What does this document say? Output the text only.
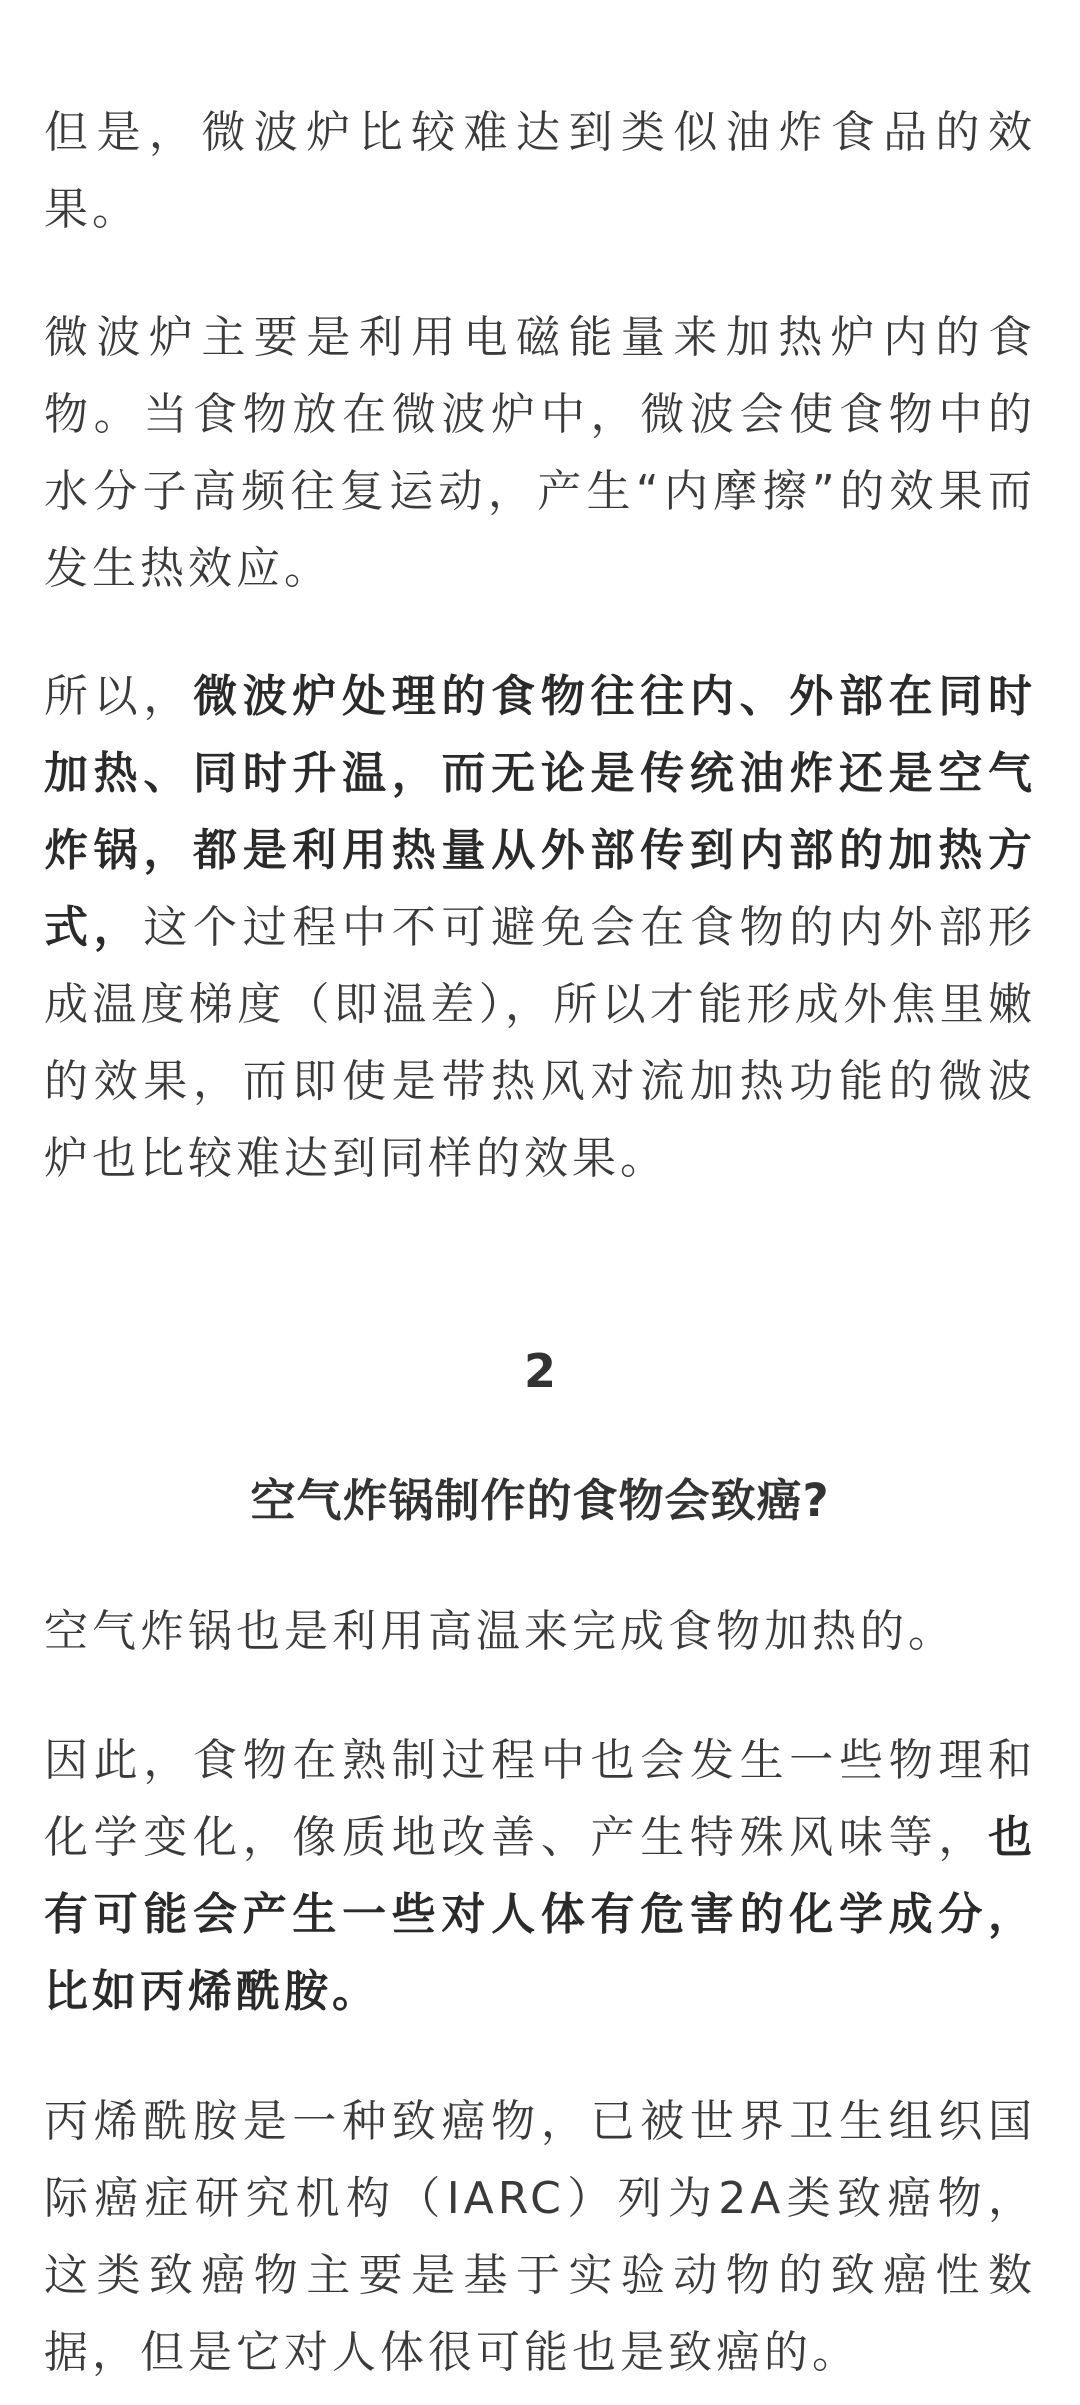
但是，微波炉比较难达到类似油炸食品的效果。

微波炉主要是利用电磁能量来加热炉内的食物。当食物放在微波炉中，微波会使食物中的水分子高频往复运动，产生“内摩擦”的效果而发生热效应。

所以，微波炉处理的食物往往内、外部在同时加热、同时升温，而无论是传统油炸还是空气炸锅，都是利用热量从外部传到内部的加热方式，这个过程中不可避免会在食物的内外部形成温度梯度（即温差），所以才能形成外焦里嫩的效果，而即使是带热风对流加热功能的微波炉也比较难达到同样的效果。

2
空气炸锅制作的食物会致癌?

空气炸锅也是利用高温来完成食物加热的。

因此，食物在熟制过程中也会发生一些物理和化学变化，像质地改善、产生特殊风味等，也有可能会产生一些对人体有危害的化学成分，比如丙烯酰胺。

丙烯酰胺是一种致癌物，已被世界卫生组织国际癌症研究机构（IARC）列为2A类致癌物，这类致癌物主要是基于实验动物的致癌性数据，但是它对人体很可能也是致癌的。
